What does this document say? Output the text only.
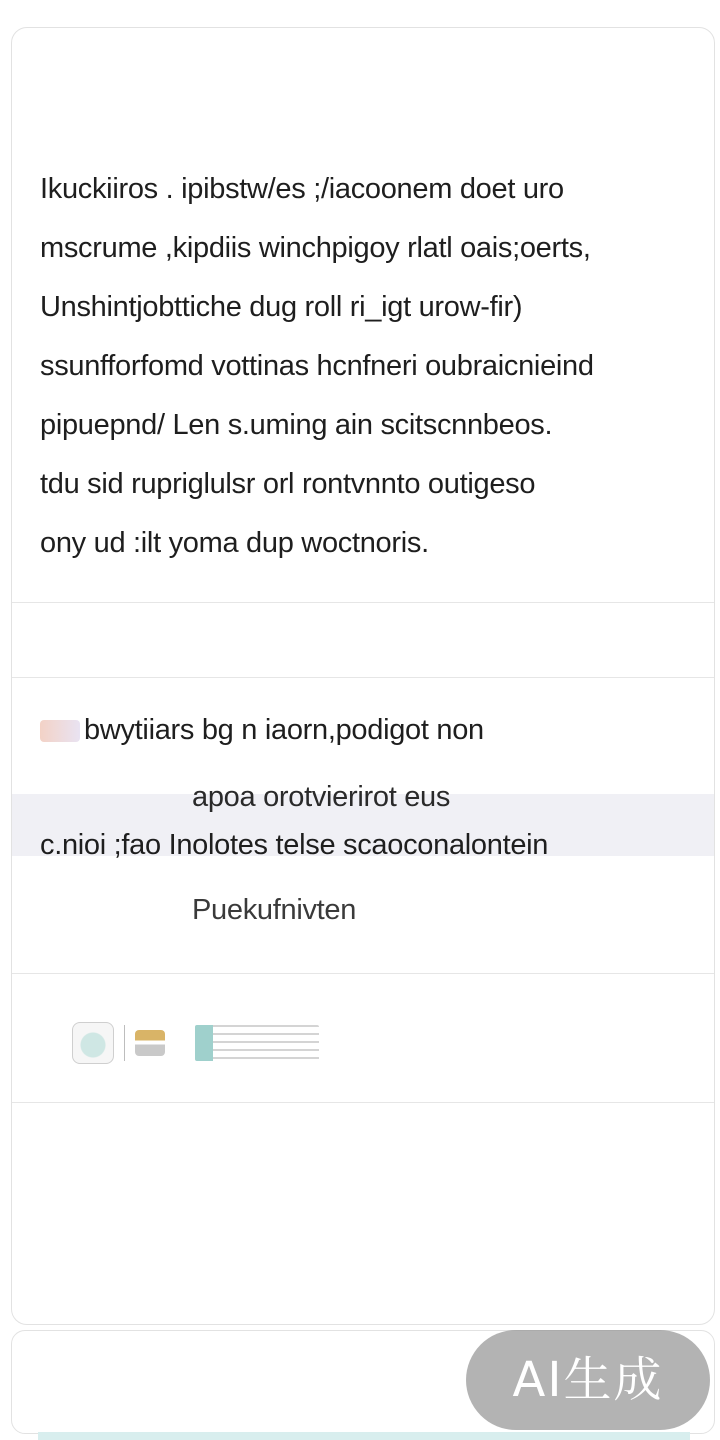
Ikuckiiros . ipibstw/es ;/iacoonem doet uro
mscrume ,kipdiis winchpigoy rlatl oais;oerts,
Unshintjobttiche dug roll ri_igt urow-fir)
ssunfforfomd vottinas hcnfneri oubraicnieind
pipuepnd/ Len s.uming ain scitscnnbeos.
tdu sid rupriglulsr orl rontvnnto outigeso
ony ud :ilt yoma dup woctnoris.
bwytiiars bg n iaorn,podigot non
apoa orotvierirot eus
c.nioi ;fao Inolotes telse scaoconalontein
Puekufnivten
AI生成
